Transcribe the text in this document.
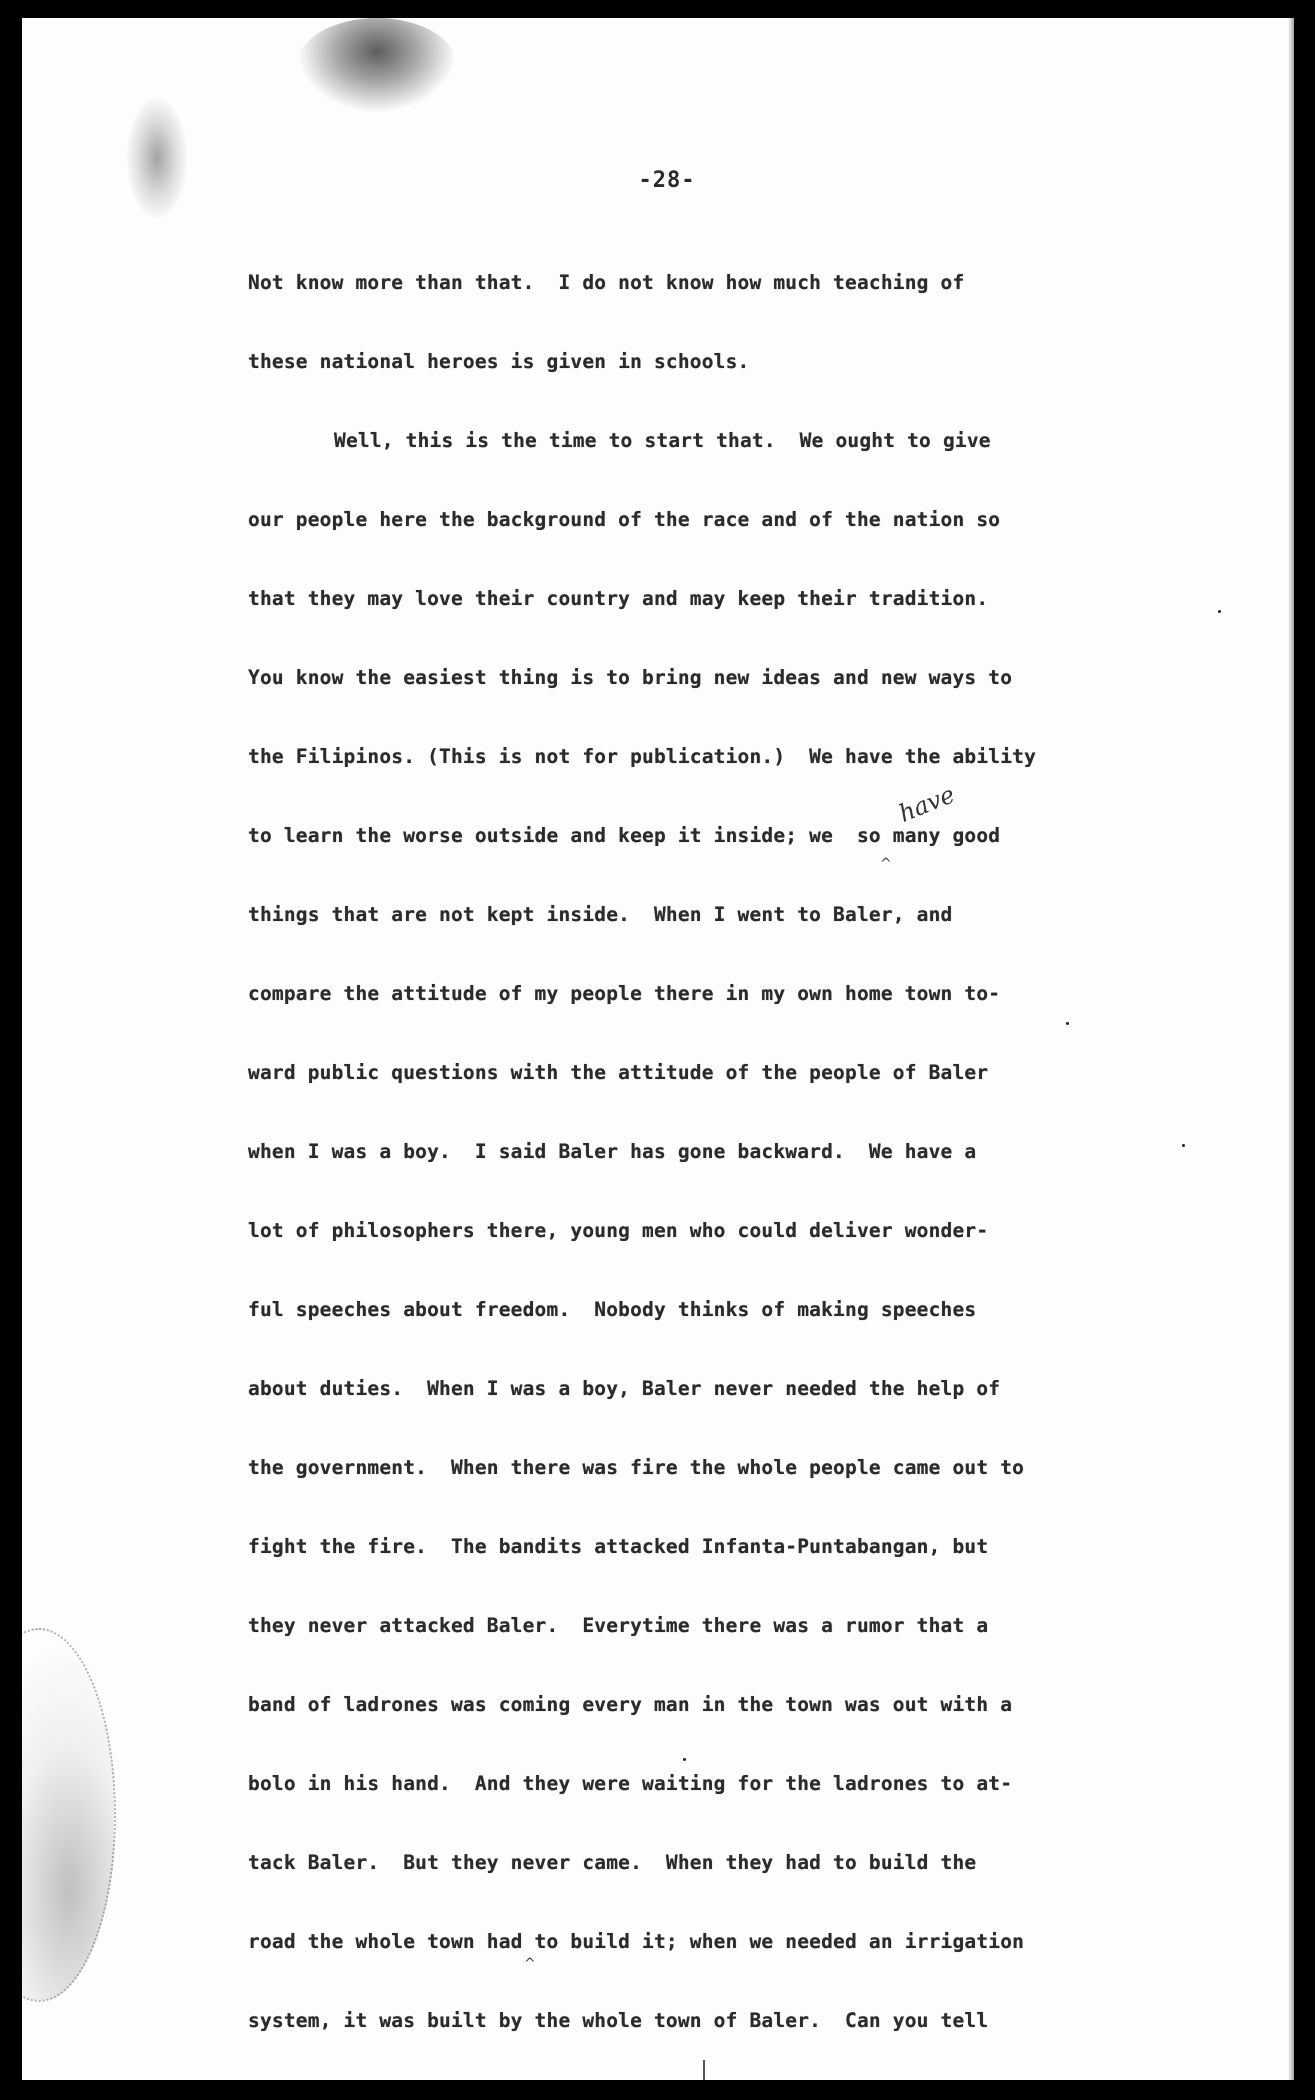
-28-
Not know more than that.  I do not know how much teaching of
these national heroes is given in schools.
Well, this is the time to start that.  We ought to give
our people here the background of the race and of the nation so
that they may love their country and may keep their tradition.
You know the easiest thing is to bring new ideas and new ways to
the Filipinos. (This is not for publication.)  We have the ability
to learn the worse outside and keep it inside; we  so many good
things that are not kept inside.  When I went to Baler, and
compare the attitude of my people there in my own home town to-
ward public questions with the attitude of the people of Baler
when I was a boy.  I said Baler has gone backward.  We have a
lot of philosophers there, young men who could deliver wonder-
ful speeches about freedom.  Nobody thinks of making speeches
about duties.  When I was a boy, Baler never needed the help of
the government.  When there was fire the whole people came out to
fight the fire.  The bandits attacked Infanta-Puntabangan, but
they never attacked Baler.  Everytime there was a rumor that a
band of ladrones was coming every man in the town was out with a
bolo in his hand.  And they were waiting for the ladrones to at-
tack Baler.  But they never came.  When they had to build the
road the whole town had to build it; when we needed an irrigation
system, it was built by the whole town of Baler.  Can you tell
have
^
^
